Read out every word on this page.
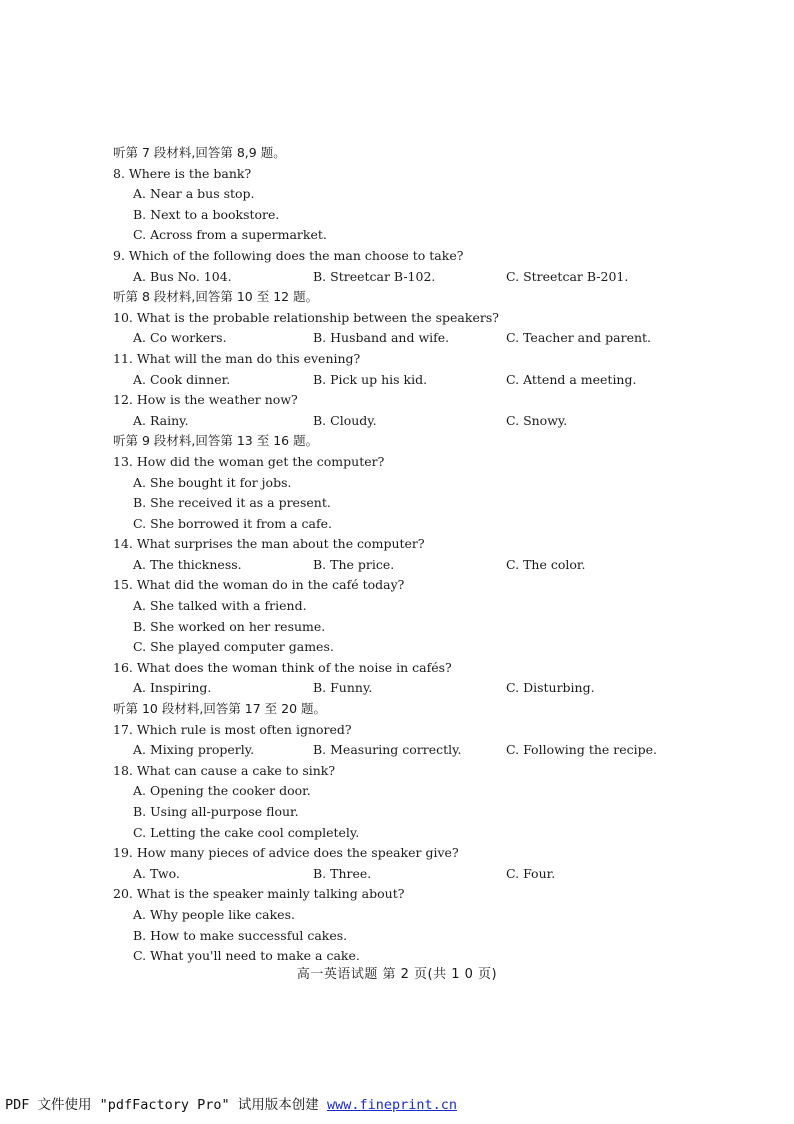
听第 7 段材料,回答第 8,9 题。
8. Where is the bank?
A. Near a bus stop.
B. Next to a bookstore.
C. Across from a supermarket.
9. Which of the following does the man choose to take?
A. Bus No. 104.	B. Streetcar B-102.	C. Streetcar B-201.
听第 8 段材料,回答第 10 至 12 题。
10. What is the probable relationship between the speakers?
A. Co workers.	B. Husband and wife.	C. Teacher and parent.
11. What will the man do this evening?
A. Cook dinner.	B. Pick up his kid.	C. Attend a meeting.
12. How is the weather now?
A. Rainy.	B. Cloudy.	C. Snowy.
听第 9 段材料,回答第 13 至 16 题。
13. How did the woman get the computer?
A. She bought it for jobs.
B. She received it as a present.
C. She borrowed it from a cafe.
14. What surprises the man about the computer?
A. The thickness.	B. The price.	C. The color.
15. What did the woman do in the café today?
A. She talked with a friend.
B. She worked on her resume.
C. She played computer games.
16. What does the woman think of the noise in cafés?
A. Inspiring.	B. Funny.	C. Disturbing.
听第 10 段材料,回答第 17 至 20 题。
17. Which rule is most often ignored?
A. Mixing properly.	B. Measuring correctly.	C. Following the recipe.
18. What can cause a cake to sink?
A. Opening the cooker door.
B. Using all-purpose flour.
C. Letting the cake cool completely.
19. How many pieces of advice does the speaker give?
A. Two.	B. Three.	C. Four.
20. What is the speaker mainly talking about?
A. Why people like cakes.
B. How to make successful cakes.
C. What you'll need to make a cake.
高一英语试题 第 2 页(共 1 0 页)
PDF 文件使用 "pdfFactory Pro" 试用版本创建 www.fineprint.cn
